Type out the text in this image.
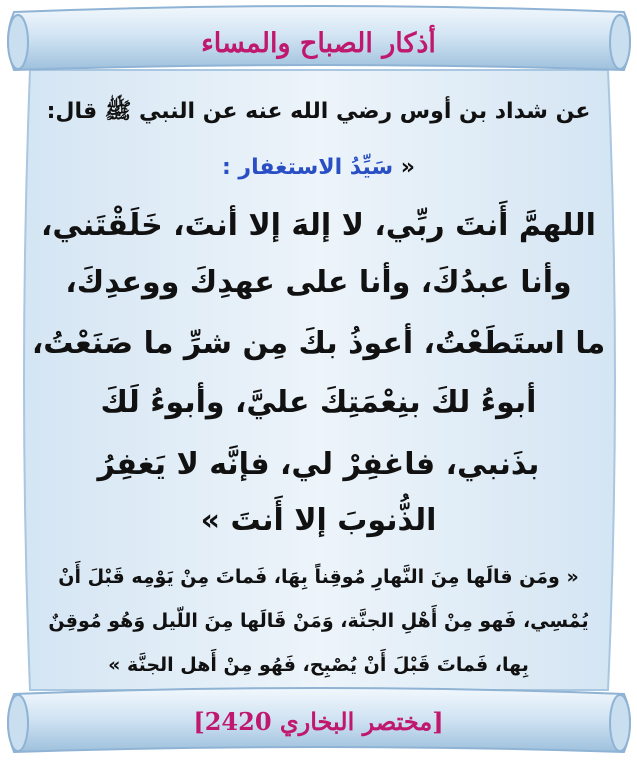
أذكار الصباح والمساء
عن شداد بن أوس رضي الله عنه عن النبي ﷺ قال:
« سَيِّدُ الاستغفار :
اللهمَّ أَنتَ ربِّي، لا إلهَ إلا أنتَ، خَلَقْتَني،
وأنا عبدُكَ، وأنا على عهدِكَ ووعدِكَ،
ما استَطَعْتُ، أعوذُ بكَ مِن شرِّ ما صَنَعْتُ،
أبوءُ لكَ بنِعْمَتِكَ عليَّ، وأبوءُ لَكَ
بذَنبي، فاغفِرْ لي، فإنَّه لا يَغفِرُ
الذُّنوبَ إلا أَنتَ »
« ومَن قالَها مِنَ النَّهارِ مُوقِناً بِهَا، فَماتَ مِنْ يَوْمِه قَبْلَ أَنْ
يُمْسِي، فَهو مِنْ أَهْلِ الجنَّة، وَمَنْ قَالَها مِنَ اللّيل وَهُو مُوقِنٌ
بِها، فَماتَ قَبْلَ أَنْ يُصْبِح، فَهُو مِنْ أَهل الجنَّة »
[مختصر البخاري 2420]
